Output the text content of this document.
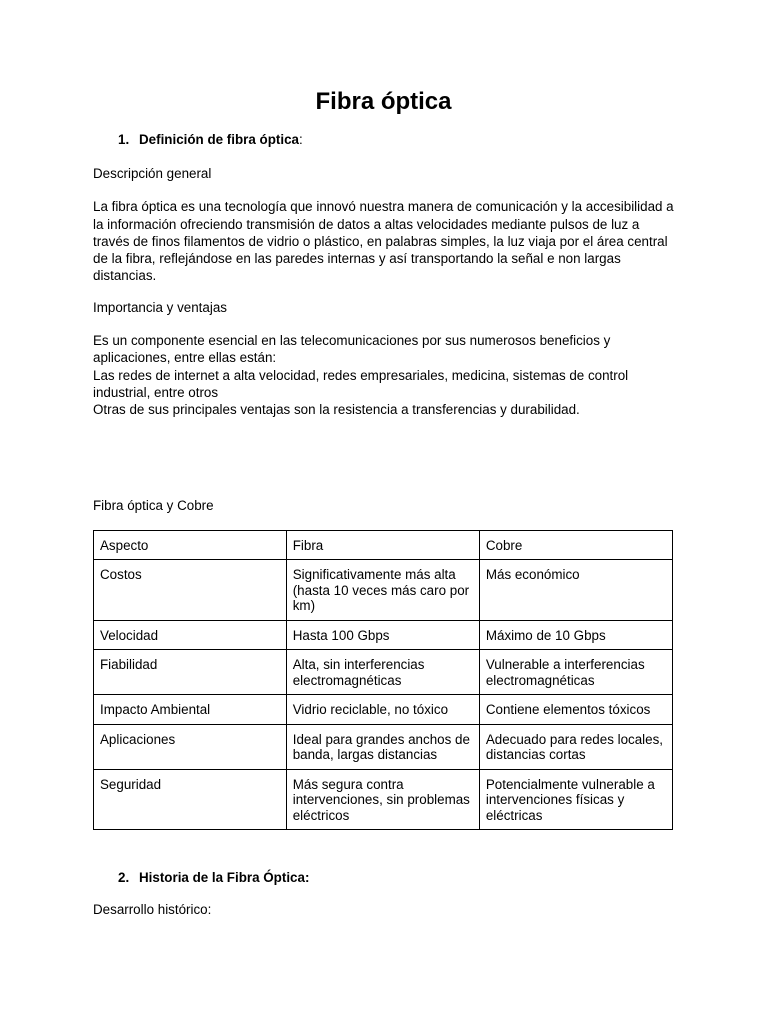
Fibra óptica
1. Definición de fibra óptica:

Descripción general

La fibra óptica es una tecnología que innovó nuestra manera de comunicación y la accesibilidad a la información ofreciendo transmisión de datos a altas velocidades mediante pulsos de luz a través de finos filamentos de vidrio o plástico, en palabras simples, la luz viaja por el área central de la fibra, reflejándose en las paredes internas y así transportando la señal e non largas distancias.

Importancia y ventajas

Es un componente esencial en las telecomunicaciones por sus numerosos beneficios y aplicaciones, entre ellas están:

Las redes de internet a alta velocidad, redes empresariales, medicina, sistemas de control industrial, entre otros

Otras de sus principales ventajas son la resistencia a transferencias y durabilidad.

Fibra óptica y Cobre

Aspecto	Fibra	Cobre
Costos	Significativamente más alta (hasta 10 veces más caro por km)	Más económico
Velocidad	Hasta 100 Gbps	Máximo de 10 Gbps
Fiabilidad	Alta, sin interferencias electromagnéticas	Vulnerable a interferencias electromagnéticas
Impacto Ambiental	Vidrio reciclable, no tóxico	Contiene elementos tóxicos
Aplicaciones	Ideal para grandes anchos de banda, largas distancias	Adecuado para redes locales, distancias cortas
Seguridad	Más segura contra intervenciones, sin problemas eléctricos	Potencialmente vulnerable a intervenciones físicas y eléctricas
2. Historia de la Fibra Óptica:

Desarrollo histórico:
